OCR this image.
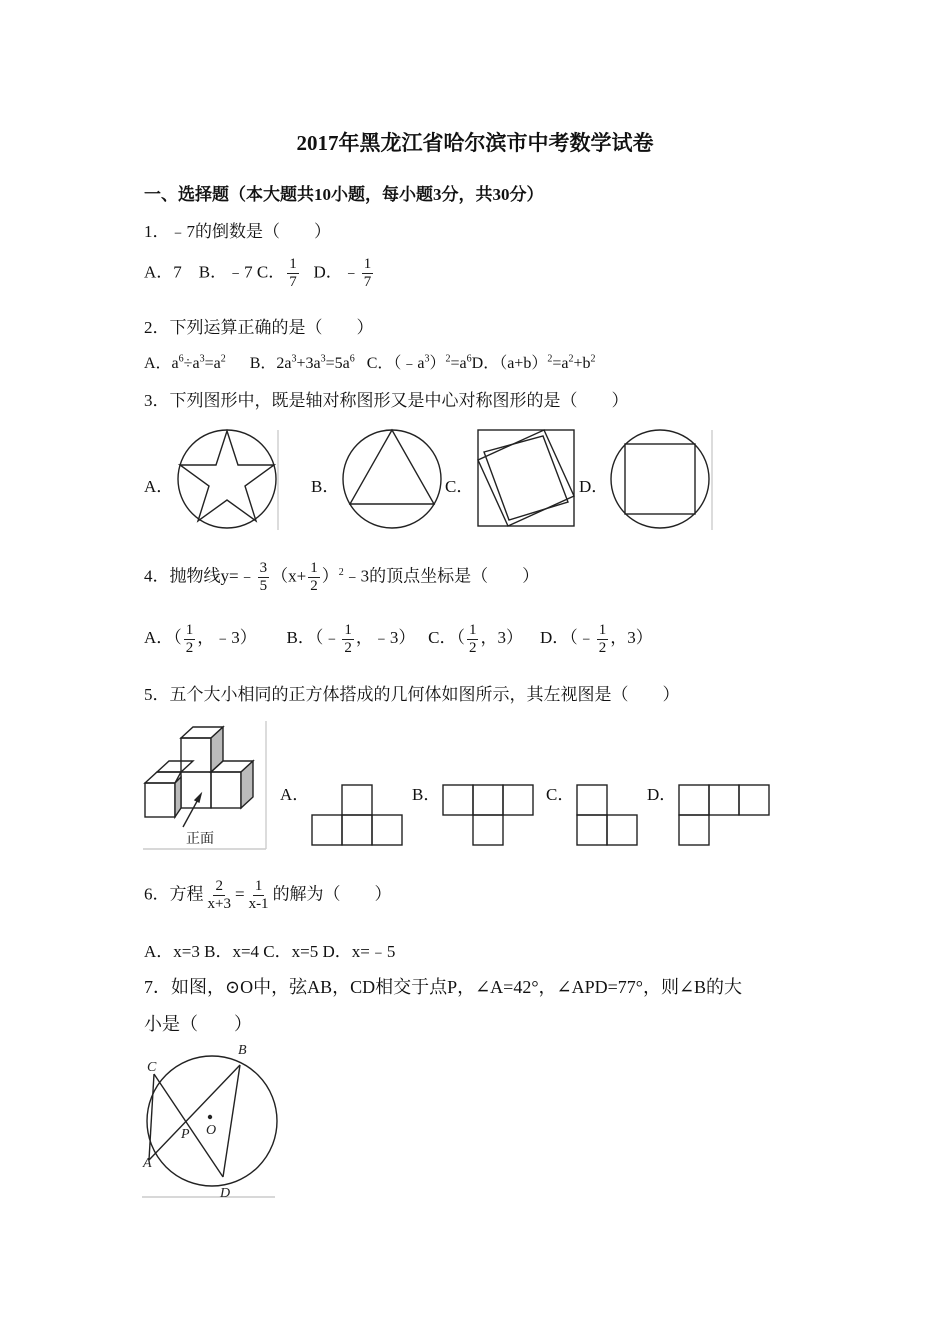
2017年黑龙江省哈尔滨市中考数学试卷
一、选择题（本大题共10小题，每小题3分，共30分）
1．﹣7的倒数是（　　）
A．7 B．﹣7 C． $\frac{1}{7}$ D．﹣ $\frac{1}{7}$
2．下列运算正确的是（　　）
A．$a^6\div a^3=a^2$ B．$2a^3+3a^3=5a^6$ C．$(﹣a^3)^2=a^6D$．$(a+b)^2=a^2+b^2$
3．下列图形中，既是轴对称图形又是中心对称图形的是（　　）
A．	B．	C．	D．
4．抛物线y=﹣ $\frac{3}{5} (x+ \frac{1}{2}$ ）$^2﹣3$的顶点坐标是（　　）
A．（ $\frac{1}{2}$ ，﹣3） B．（﹣ $\frac{1}{2}$ ，﹣3） C．（ $\frac{1}{2}$ ，3） D．（﹣ $\frac{1}{2}$ ，3）
5．五个大小相同的正方体搭成的几何体如图所示，其左视图是（　　）
正面
A．	B．	C．	D．
6．方程 $\frac{2}{x+3} = \frac{1}{x-1}$ 的解为（　　）
A．x=3 B．x=4 C．x=5 D．x=﹣5
7．如图，⊙O中，弦AB，CD相交于点P，∠A=42°，∠APD=77°，则∠B的大
小是（　　）
C
B
A
D
P O
